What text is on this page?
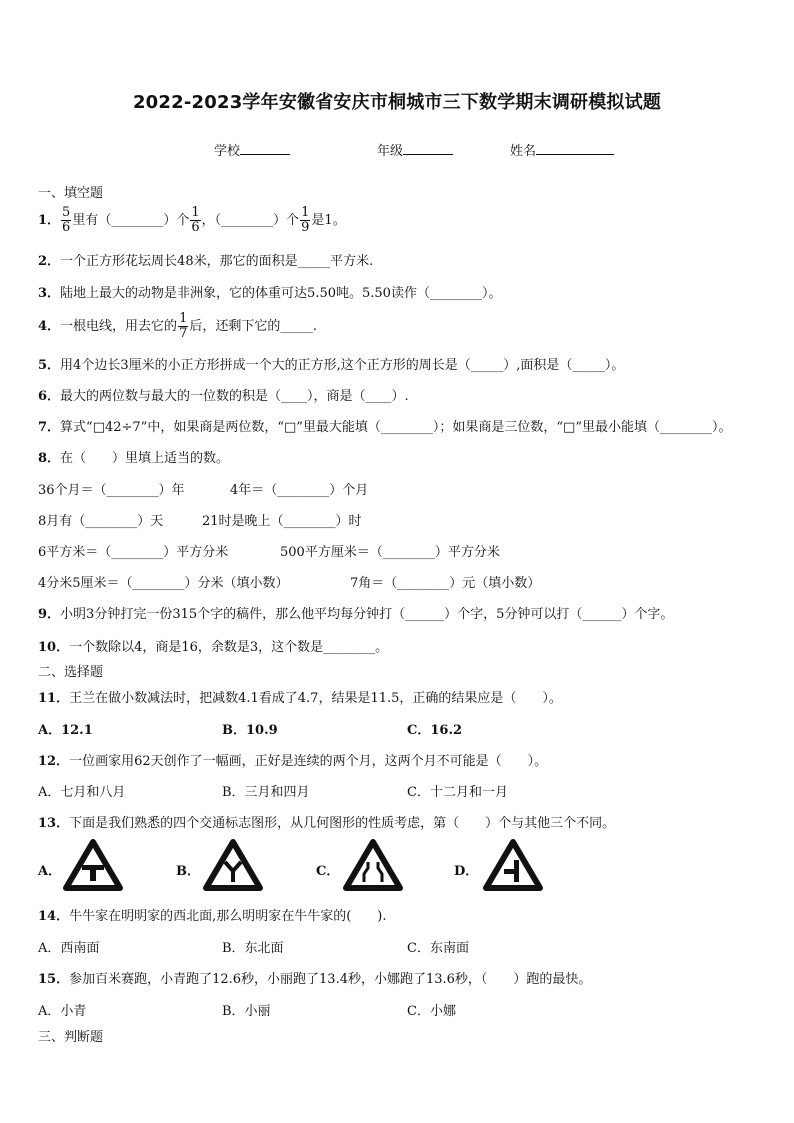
2022-2023学年安徽省安庆市桐城市三下数学期末调研模拟试题
学校	年级	姓名
一、填空题
1． $\frac{5}{6}$ 里有（________）个 $\frac{1}{6}$ ，（________）个 $\frac{1}{9}$ 是1。
2．一个正方形花坛周长48米，那它的面积是_____平方米.
3．陆地上最大的动物是非洲象，它的体重可达5.50吨。5.50读作（________）。
4．一根电线，用去它的 $\frac{1}{7}$ 后，还剩下它的_____.
5．用4个边长3厘米的小正方形拼成一个大的正方形,这个正方形的周长是（_____）,面积是（_____）。
6．最大的两位数与最大的一位数的积是（____），商是（____）.
7．算式“□42÷7”中，如果商是两位数，“□”里最大能填（________）；如果商是三位数，“□”里最小能填（________）。
8．在（　　）里填上适当的数。
36个月＝（________）年	4年＝（________）个月
8月有（________）天	21时是晚上（________）时
6平方米＝（________）平方分米	500平方厘米＝（________）平方分米
4分米5厘米＝（________）分米（填小数）	7角＝（________）元（填小数）
9．小明3分钟打完一份315个字的稿件，那么他平均每分钟打（______）个字，5分钟可以打（______）个字。
10．一个数除以4，商是16，余数是3，这个数是________。
二、选择题
11．王兰在做小数减法时，把减数4.1看成了4.7，结果是11.5，正确的结果应是（　　）。
A．12.1	B．10.9	C．16.2
12．一位画家用62天创作了一幅画，正好是连续的两个月，这两个月不可能是（　　）。
A．七月和八月	B．三月和四月	C．十二月和一月
13．下面是我们熟悉的四个交通标志图形，从几何图形的性质考虑，第（　　）个与其他三个不同。
A．	B．	C．	D．
14．牛牛家在明明家的西北面,那么明明家在牛牛家的(　　).
A．西南面	B．东北面	C．东南面
15．参加百米赛跑，小青跑了12.6秒，小丽跑了13.4秒，小娜跑了13.6秒，（　　）跑的最快。
A．小青	B．小丽	C．小娜
三、判断题
